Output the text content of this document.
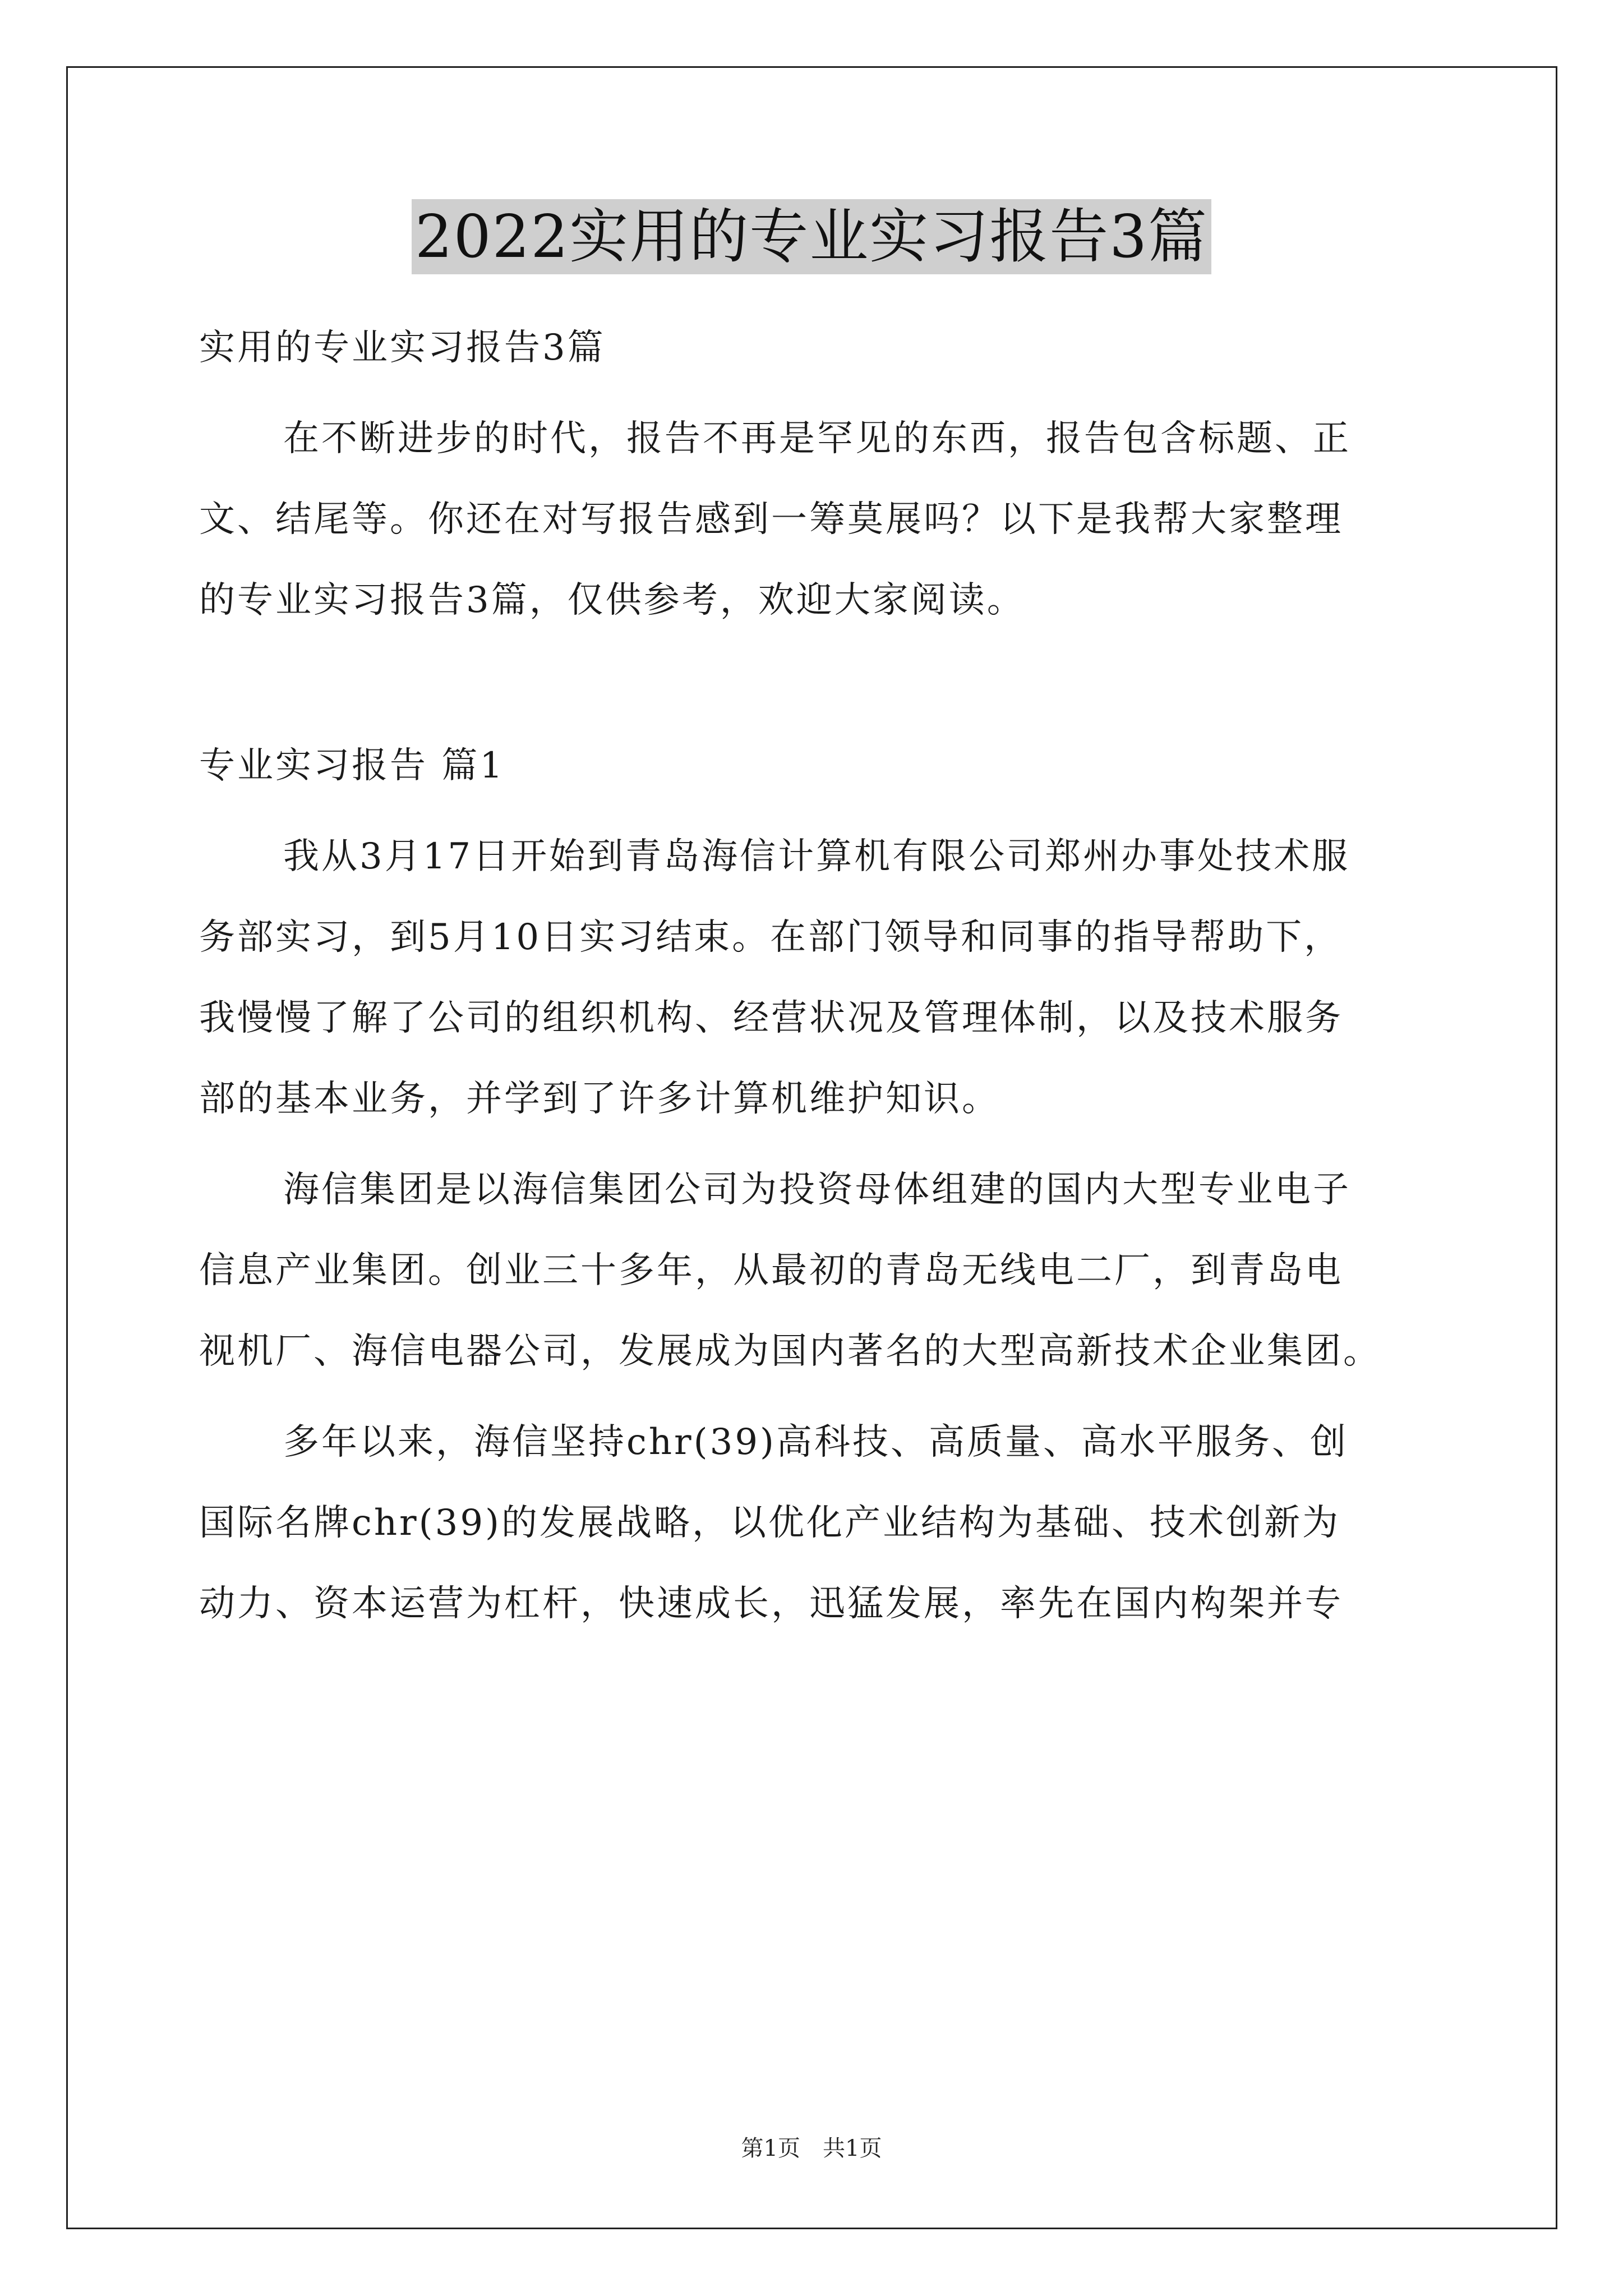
2022实用的专业实习报告3篇
实用的专业实习报告3篇
在不断进步的时代，报告不再是罕见的东西，报告包含标题、正
文、结尾等。你还在对写报告感到一筹莫展吗？以下是我帮大家整理
的专业实习报告3篇，仅供参考，欢迎大家阅读。
专业实习报告 篇1
我从3月17日开始到青岛海信计算机有限公司郑州办事处技术服
务部实习，到5月10日实习结束。在部门领导和同事的指导帮助下，
我慢慢了解了公司的组织机构、经营状况及管理体制，以及技术服务
部的基本业务，并学到了许多计算机维护知识。
海信集团是以海信集团公司为投资母体组建的国内大型专业电子
信息产业集团。创业三十多年，从最初的青岛无线电二厂，到青岛电
视机厂、海信电器公司，发展成为国内著名的大型高新技术企业集团。
多年以来，海信坚持chr(39)高科技、高质量、高水平服务、创
国际名牌chr(39)的发展战略，以优化产业结构为基础、技术创新为
动力、资本运营为杠杆，快速成长，迅猛发展，率先在国内构架并专
第1页　共1页
